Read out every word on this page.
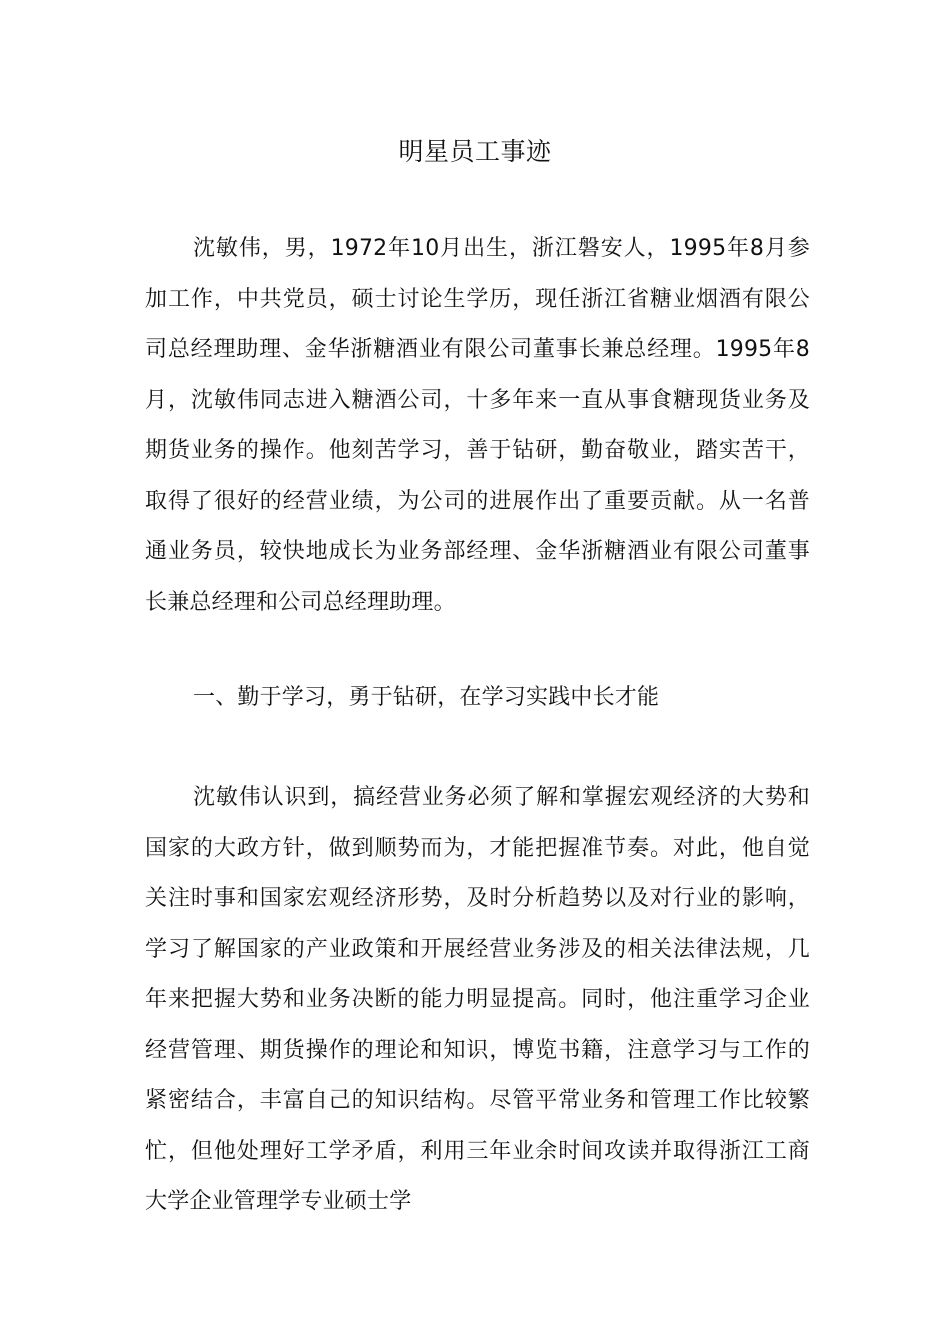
明星员工事迹

沈敏伟，男，1972年10月出生，浙江磐安人，1995年8月参加工作，中共党员，硕士讨论生学历，现任浙江省糖业烟酒有限公司总经理助理、金华浙糖酒业有限公司董事长兼总经理。1995年8月，沈敏伟同志进入糖酒公司，十多年来一直从事食糖现货业务及期货业务的操作。他刻苦学习，善于钻研，勤奋敬业，踏实苦干，取得了很好的经营业绩，为公司的进展作出了重要贡献。从一名普通业务员，较快地成长为业务部经理、金华浙糖酒业有限公司董事长兼总经理和公司总经理助理。

一、勤于学习，勇于钻研，在学习实践中长才能

沈敏伟认识到，搞经营业务必须了解和掌握宏观经济的大势和国家的大政方针，做到顺势而为，才能把握准节奏。对此，他自觉关注时事和国家宏观经济形势，及时分析趋势以及对行业的影响，学习了解国家的产业政策和开展经营业务涉及的相关法律法规，几年来把握大势和业务决断的能力明显提高。同时，他注重学习企业经营管理、期货操作的理论和知识，博览书籍，注意学习与工作的紧密结合，丰富自己的知识结构。尽管平常业务和管理工作比较繁忙，但他处理好工学矛盾，利用三年业余时间攻读并取得浙江工商大学企业管理学专业硕士学
